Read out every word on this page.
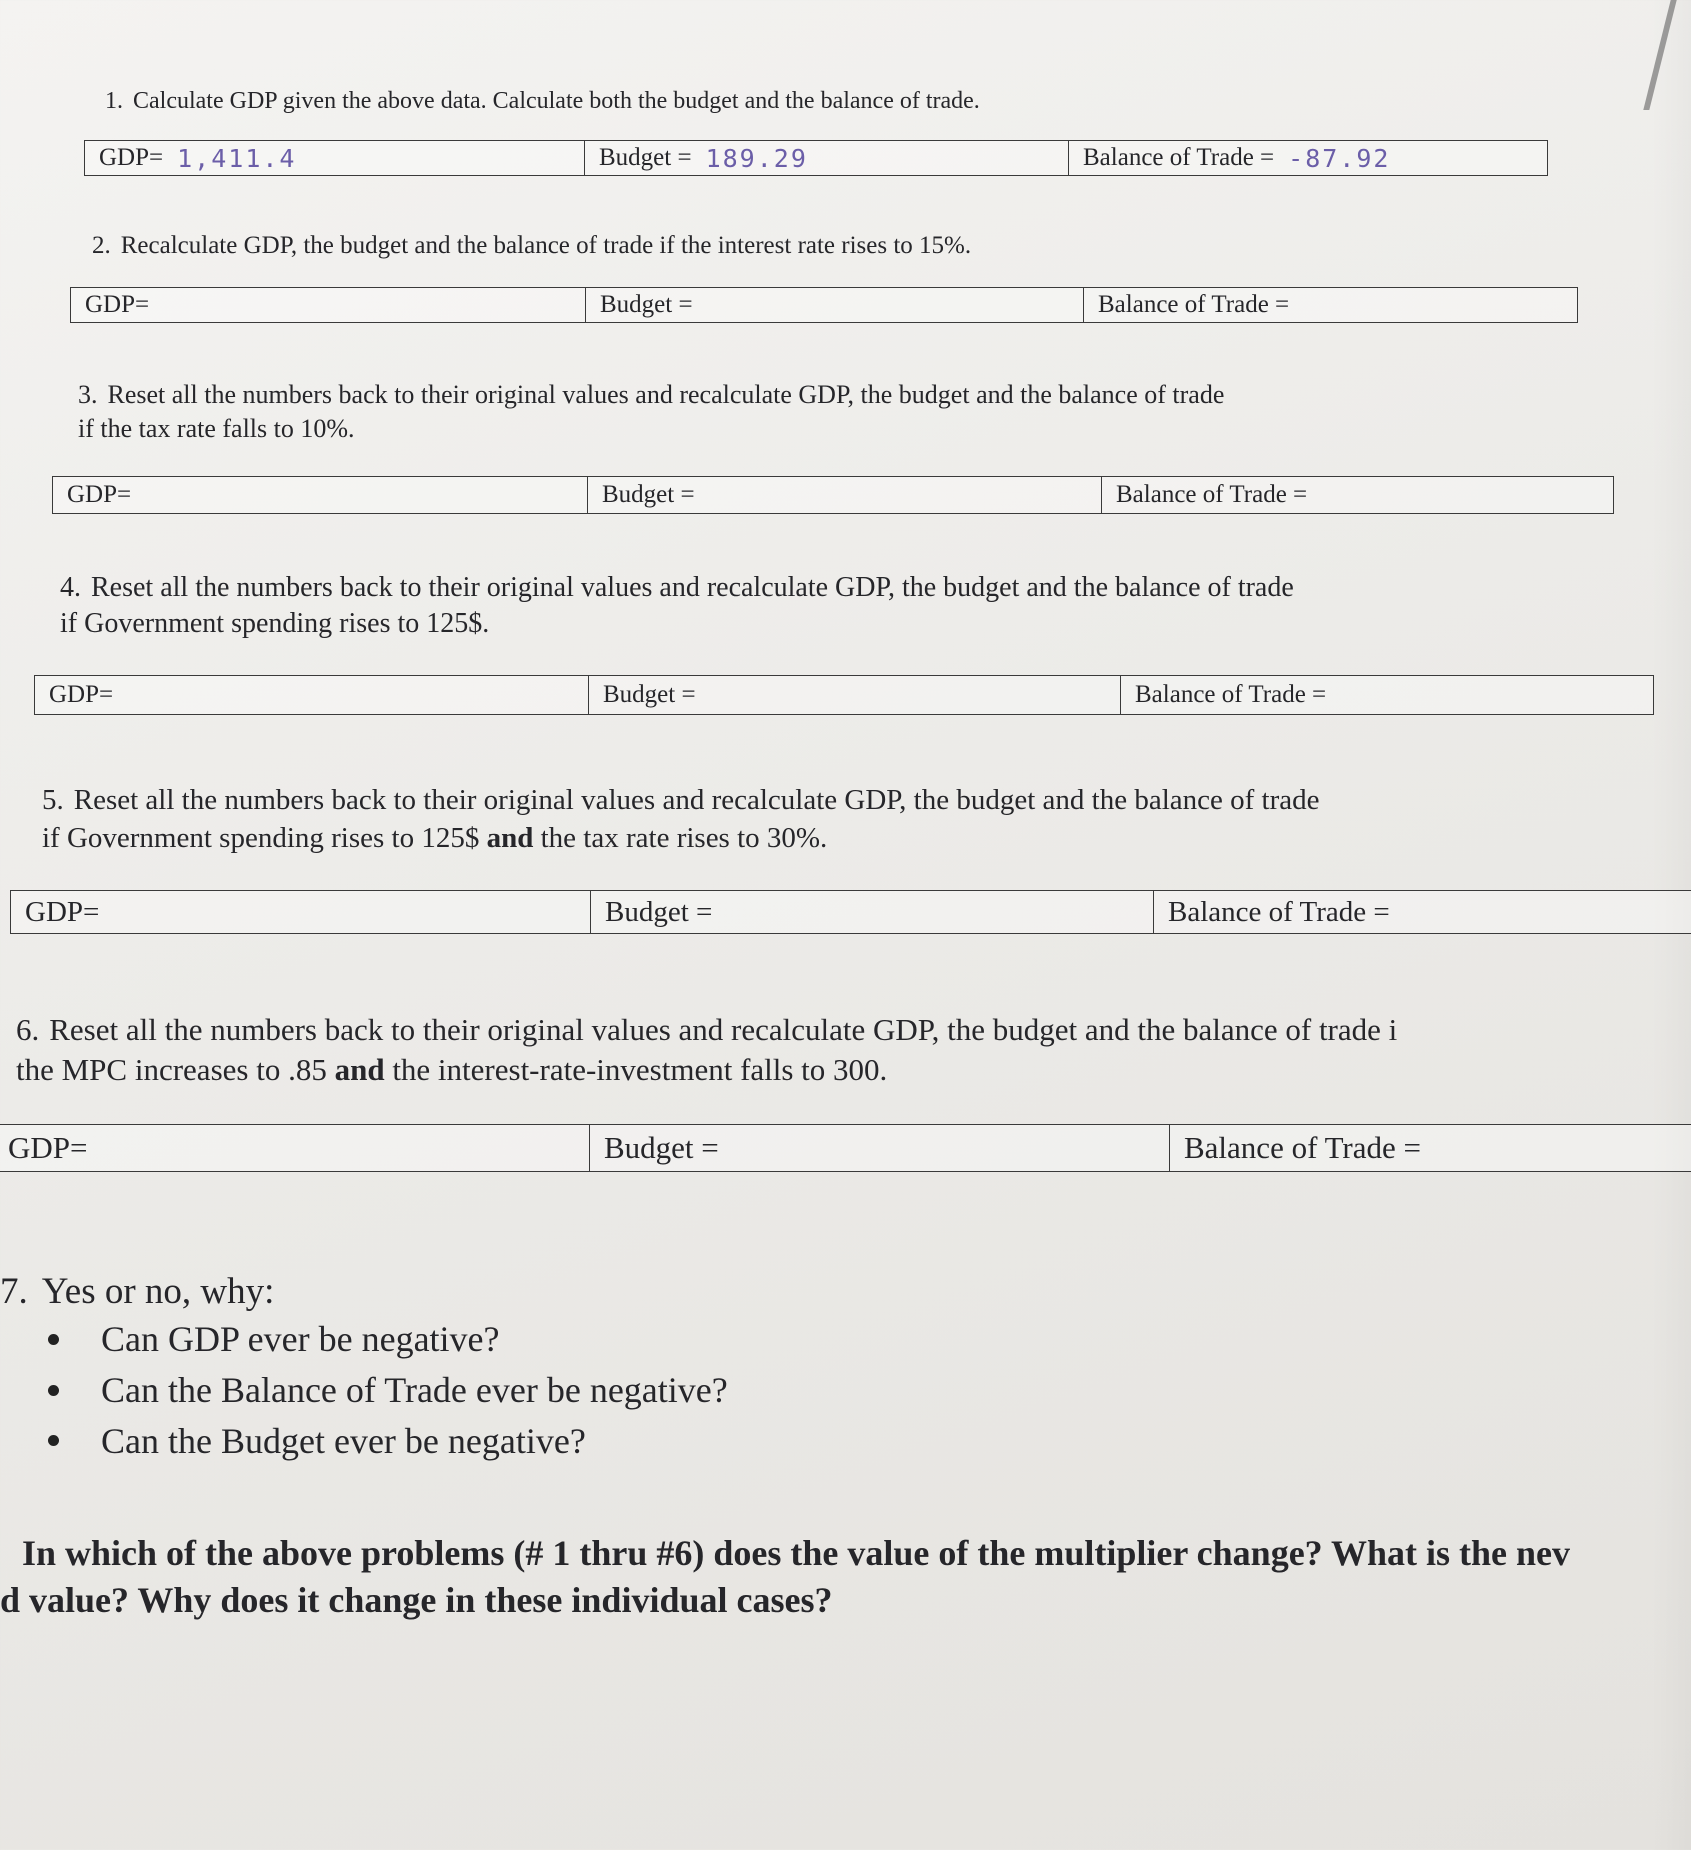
1. Calculate GDP given the above data. Calculate both the budget and the balance of trade.
GDP= 1,411.4	Budget = 189.29	Balance of Trade = -87.92
2. Recalculate GDP, the budget and the balance of trade if the interest rate rises to 15%.
GDP=	Budget =	Balance of Trade =
3. Reset all the numbers back to their original values and recalculate GDP, the budget and the balance of trade
if the tax rate falls to 10%.
GDP=	Budget =	Balance of Trade =
4. Reset all the numbers back to their original values and recalculate GDP, the budget and the balance of trade
if Government spending rises to 125$.
GDP=	Budget =	Balance of Trade =
5. Reset all the numbers back to their original values and recalculate GDP, the budget and the balance of trade
if Government spending rises to 125$ and the tax rate rises to 30%.
GDP=	Budget =	Balance of Trade =
6. Reset all the numbers back to their original values and recalculate GDP, the budget and the balance of trade i
the MPC increases to .85 and the interest-rate-investment falls to 300.
GDP=	Budget =	Balance of Trade =
7. Yes or no, why:
Can GDP ever be negative?
Can the Balance of Trade ever be negative?
Can the Budget ever be negative?
In which of the above problems (# 1 thru #6) does the value of the multiplier change? What is the nev
d value? Why does it change in these individual cases?
